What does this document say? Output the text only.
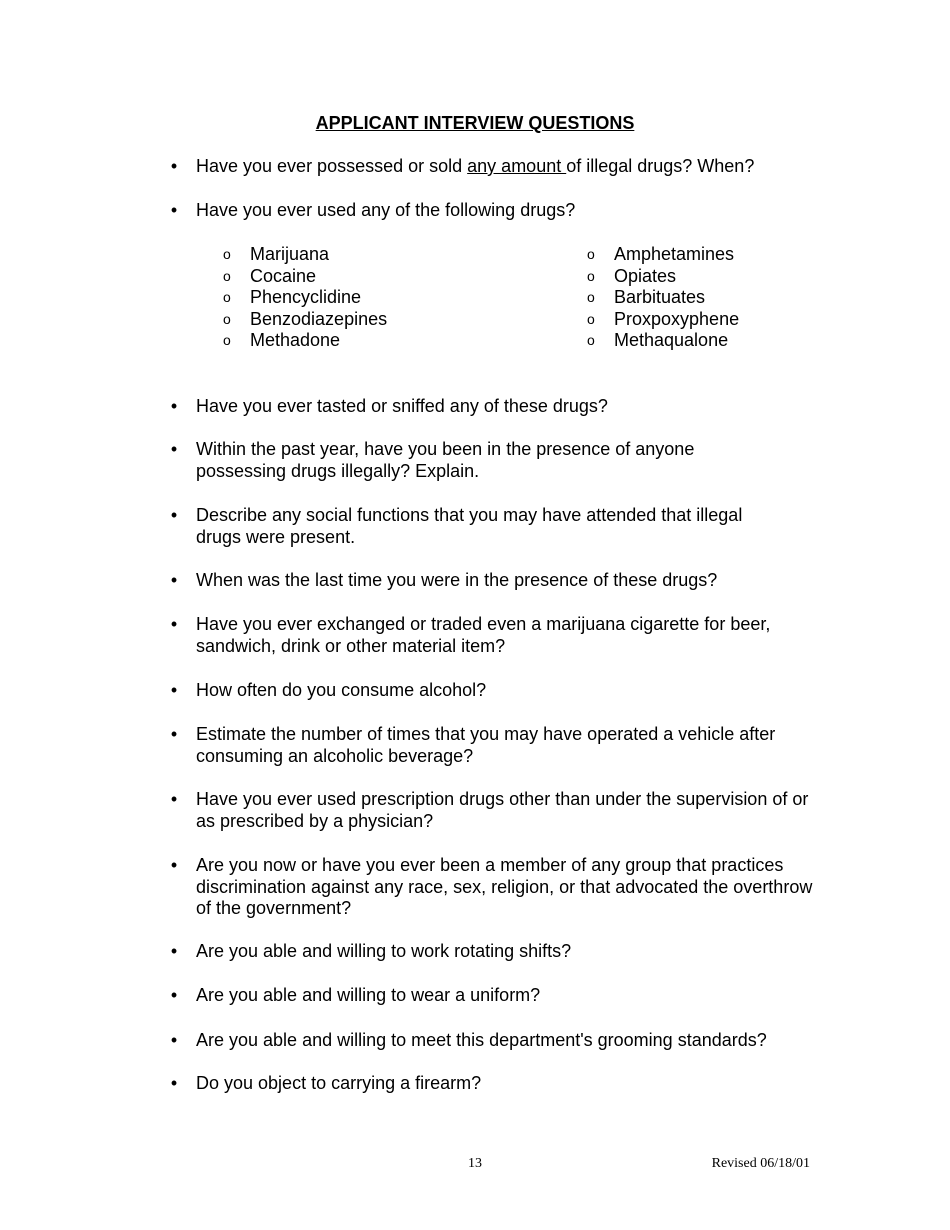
APPLICANT INTERVIEW QUESTIONS
• Have you ever possessed or sold any amount of illegal drugs? When?
• Have you ever used any of the following drugs?
o Marijuana
o Cocaine
o Phencyclidine
o Benzodiazepines
o Methadone
o Amphetamines
o Opiates
o Barbituates
o Proxpoxyphene
o Methaqualone
• Have you ever tasted or sniffed any of these drugs?
• Within the past year, have you been in the presence of anyone possessing drugs illegally? Explain.
• Describe any social functions that you may have attended that illegal drugs were present.
• When was the last time you were in the presence of these drugs?
• Have you ever exchanged or traded even a marijuana cigarette for beer, sandwich, drink or other material item?
• How often do you consume alcohol?
• Estimate the number of times that you may have operated a vehicle after consuming an alcoholic beverage?
• Have you ever used prescription drugs other than under the supervision of or as prescribed by a physician?
• Are you now or have you ever been a member of any group that practices discrimination against any race, sex, religion, or that advocated the overthrow of the government?
• Are you able and willing to work rotating shifts?
• Are you able and willing to wear a uniform?
• Are you able and willing to meet this department's grooming standards?
• Do you object to carrying a firearm?
13	Revised 06/18/01
